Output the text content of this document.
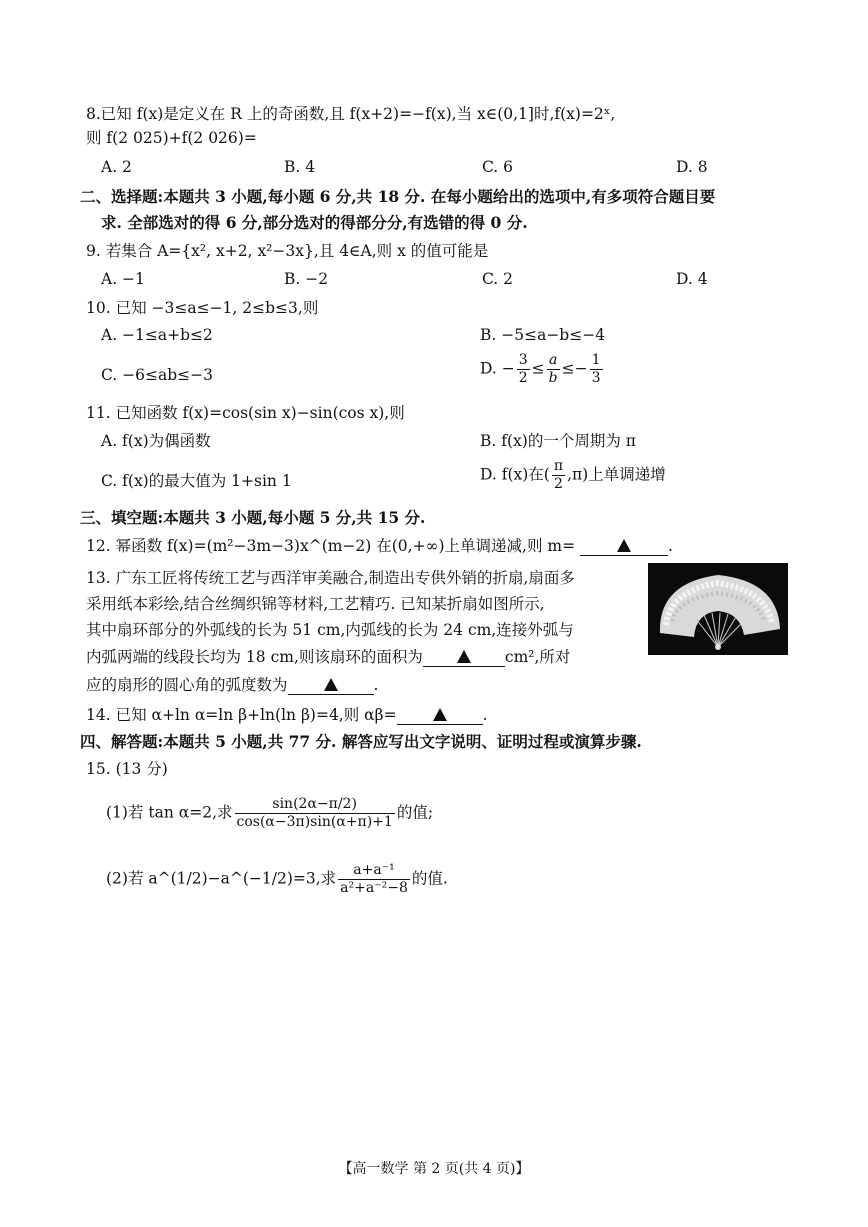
8.已知 f(x)是定义在 R 上的奇函数,且 f(x+2)=−f(x),当 x∈(0,1]时,f(x)=2ˣ,
则 f(2 025)+f(2 026)=
A. 2	B. 4	C. 6	D. 8
二、选择题:本题共 3 小题,每小题 6 分,共 18 分. 在每小题给出的选项中,有多项符合题目要
求. 全部选对的得 6 分,部分选对的得部分分,有选错的得 0 分.
9. 若集合 A={x², x+2, x²−3x},且 4∈A,则 x 的值可能是
A. −1	B. −2	C. 2	D. 4
10. 已知 −3≤a≤−1, 2≤b≤3,则
A. −1≤a+b≤2	B. −5≤a−b≤−4
C. −6≤ab≤−3	D. − $\frac{3}{2} \le \frac{a}{b} \le- \frac{1}{3}$
11. 已知函数 f(x)=cos(sin x)−sin(cos x),则
A. f(x)为偶函数	B. f(x)的一个周期为 π
C. f(x)的最大值为 1+sin 1	D. f(x)在( $\frac{\pi}{2} ,\pi$)上单调递增
三、填空题:本题共 3 小题,每小题 5 分,共 15 分.
12. 幂函数 f(x)=(m²−3m−3)x^(m−2) 在(0,+∞)上单调递减,则 m=	.
13. 广东工匠将传统工艺与西洋审美融合,制造出专供外销的折扇,扇面多
采用纸本彩绘,结合丝绸织锦等材料,工艺精巧. 已知某折扇如图所示,
其中扇环部分的外弧线的长为 51 cm,内弧线的长为 24 cm,连接外弧与
内弧两端的线段长均为 18 cm,则该扇环的面积为	cm²,所对
应的扇形的圆心角的弧度数为	.
14. 已知 α+ln α=ln β+ln(ln β)=4,则 αβ=	.
四、解答题:本题共 5 小题,共 77 分. 解答应写出文字说明、证明过程或演算步骤.
15. (13 分)
(1)若 tan α=2,求 $\frac{\sin(2\alpha-\pi/2)}{\cos(\alpha-3\pi)\sin(\alpha+\pi)+1}$ 的值;
(2)若 a^(1/2)−a^(−1/2)=3,求 $\frac{\text{a+a⁻¹}}{\text{a²+a⁻²−8}}$ 的值.
【高一数学 第 2 页(共 4 页)】
